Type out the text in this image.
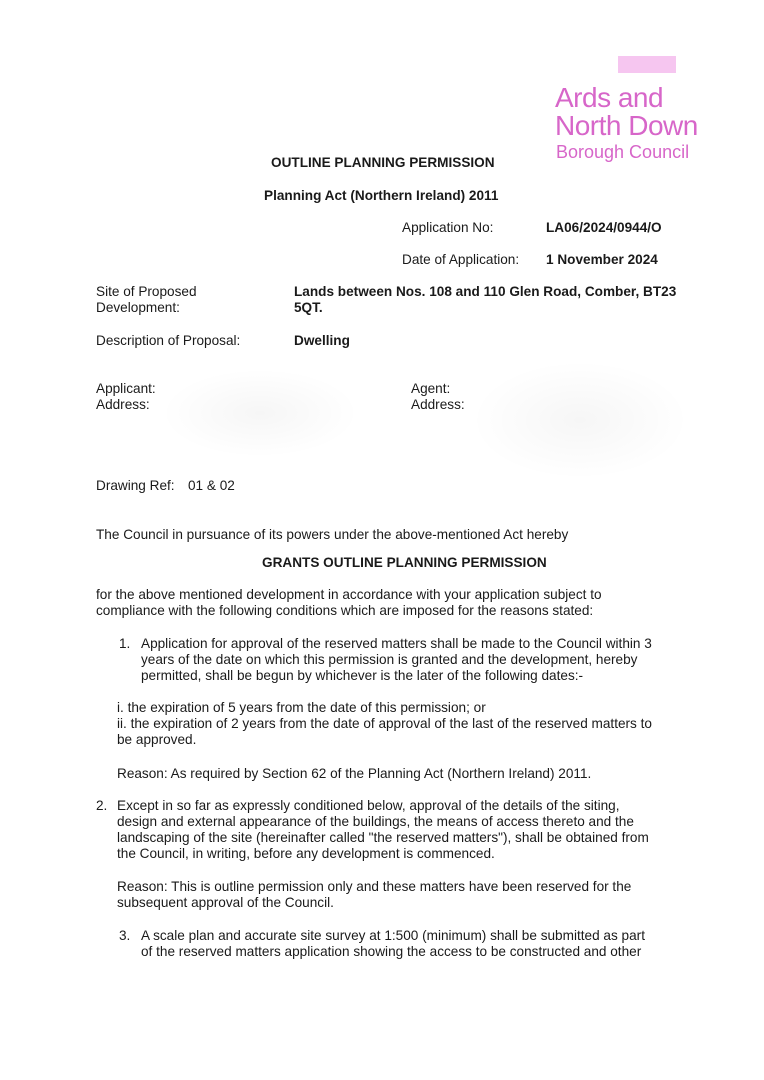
Ards and
North Down
Borough Council
OUTLINE PLANNING PERMISSION
Planning Act (Northern Ireland) 2011
Application No:	LA06/2024/0944/O
Date of Application: 1 November 2024
Site of Proposed
Development:
Lands between Nos. 108 and 110 Glen Road, Comber, BT23
5QT.
Description of Proposal:	Dwelling
Applicant:
Address:
Agent:
Address:
Drawing Ref: 01 & 02
The Council in pursuance of its powers under the above-mentioned Act hereby
GRANTS OUTLINE PLANNING PERMISSION
for the above mentioned development in accordance with your application subject to
compliance with the following conditions which are imposed for the reasons stated:
1. Application for approval of the reserved matters shall be made to the Council within 3
years of the date on which this permission is granted and the development, hereby
permitted, shall be begun by whichever is the later of the following dates:-
i. the expiration of 5 years from the date of this permission; or
ii. the expiration of 2 years from the date of approval of the last of the reserved matters to
be approved.
Reason: As required by Section 62 of the Planning Act (Northern Ireland) 2011.
2. Except in so far as expressly conditioned below, approval of the details of the siting,
design and external appearance of the buildings, the means of access thereto and the
landscaping of the site (hereinafter called "the reserved matters"), shall be obtained from
the Council, in writing, before any development is commenced.
Reason: This is outline permission only and these matters have been reserved for the
subsequent approval of the Council.
3. A scale plan and accurate site survey at 1:500 (minimum) shall be submitted as part
of the reserved matters application showing the access to be constructed and other
